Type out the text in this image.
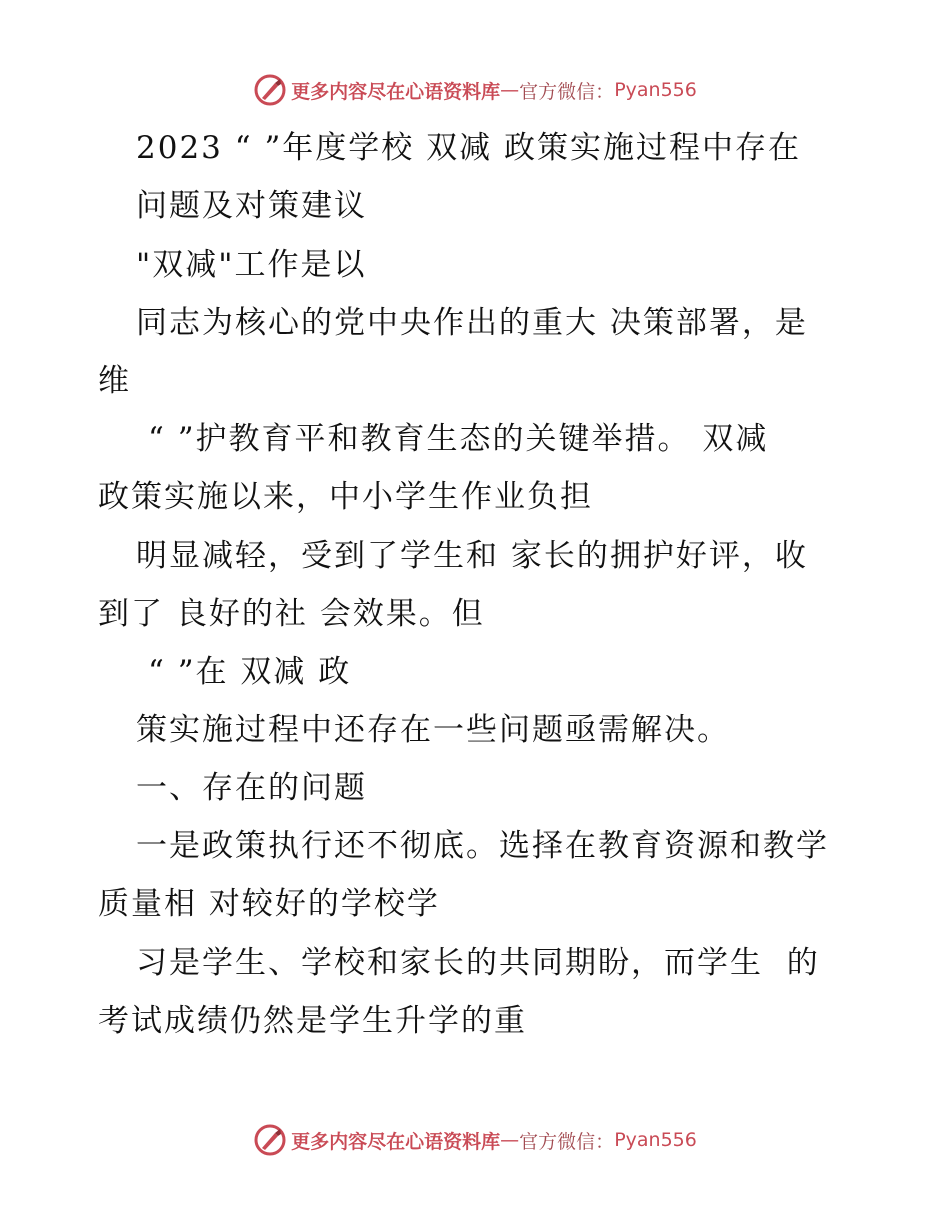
更多内容尽在心语资料库 — 官方微信： Pyan556
2023 “ ”年度学校 双减 政策实施过程中存在
问题及对策建议
"双减"工作是以
同志为核心的党中央作出的重大 决策部署，是
维
“ ”护教育平和教育生态的关键举措。 双减
政策实施以来，中小学生作业负担
明显减轻，受到了学生和 家长的拥护好评，收
到了 良好的社 会效果。但
“ ”在 双减 政
策实施过程中还存在一些问题亟需解决。
一、存在的问题
一是政策执行还不彻底。选择在教育资源和教学
质量相 对较好的学校学
习是学生、学校和家长的共同期盼，而学生  的
考试成绩仍然是学生升学的重
更多内容尽在心语资料库 — 官方微信： Pyan556
